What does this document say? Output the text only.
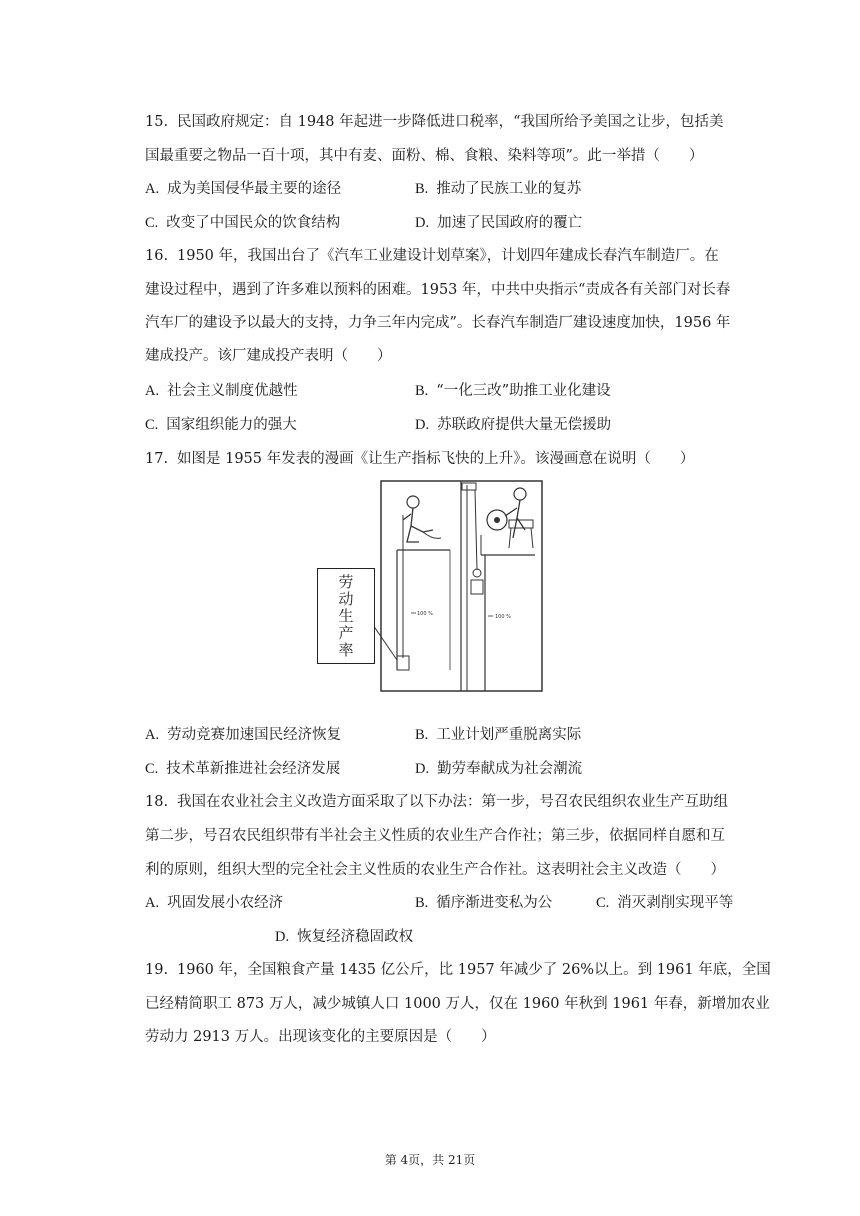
15. 民国政府规定：自 1948 年起进一步降低进口税率，“我国所给予美国之让步，包括美
国最重要之物品一百十项，其中有麦、面粉、棉、食粮、染料等项”。此一举措（　　）
A. 成为美国侵华最主要的途径	B. 推动了民族工业的复苏
C. 改变了中国民众的饮食结构	D. 加速了民国政府的覆亡
16. 1950 年，我国出台了《汽车工业建设计划草案》，计划四年建成长春汽车制造厂。在
建设过程中，遇到了许多难以预料的困难。1953 年，中共中央指示“责成各有关部门对长春
汽车厂的建设予以最大的支持，力争三年内完成”。长春汽车制造厂建设速度加快，1956 年
建成投产。该厂建成投产表明（　　）
A. 社会主义制度优越性	B. “一化三改”助推工业化建设
C. 国家组织能力的强大	D. 苏联政府提供大量无偿援助
17. 如图是 1955 年发表的漫画《让生产指标飞快的上升》。该漫画意在说明（　　）
100 %	100 %
劳
动
生
产
率
A. 劳动竞赛加速国民经济恢复	B. 工业计划严重脱离实际
C. 技术革新推进社会经济发展	D. 勤劳奉献成为社会潮流
18. 我国在农业社会主义改造方面采取了以下办法：第一步，号召农民组织农业生产互助组
第二步，号召农民组织带有半社会主义性质的农业生产合作社；第三步，依据同样自愿和互
利的原则，组织大型的完全社会主义性质的农业生产合作社。这表明社会主义改造（　　）
A. 巩固发展小农经济	B. 循序渐进变私为公	C. 消灭剥削实现平等
D. 恢复经济稳固政权
19. 1960 年，全国粮食产量 1435 亿公斤，比 1957 年减少了 26%以上。到 1961 年底，全国
已经精简职工 873 万人，减少城镇人口 1000 万人，仅在 1960 年秋到 1961 年春，新增加农业
劳动力 2913 万人。出现该变化的主要原因是（　　）
第 4页，共 21页
